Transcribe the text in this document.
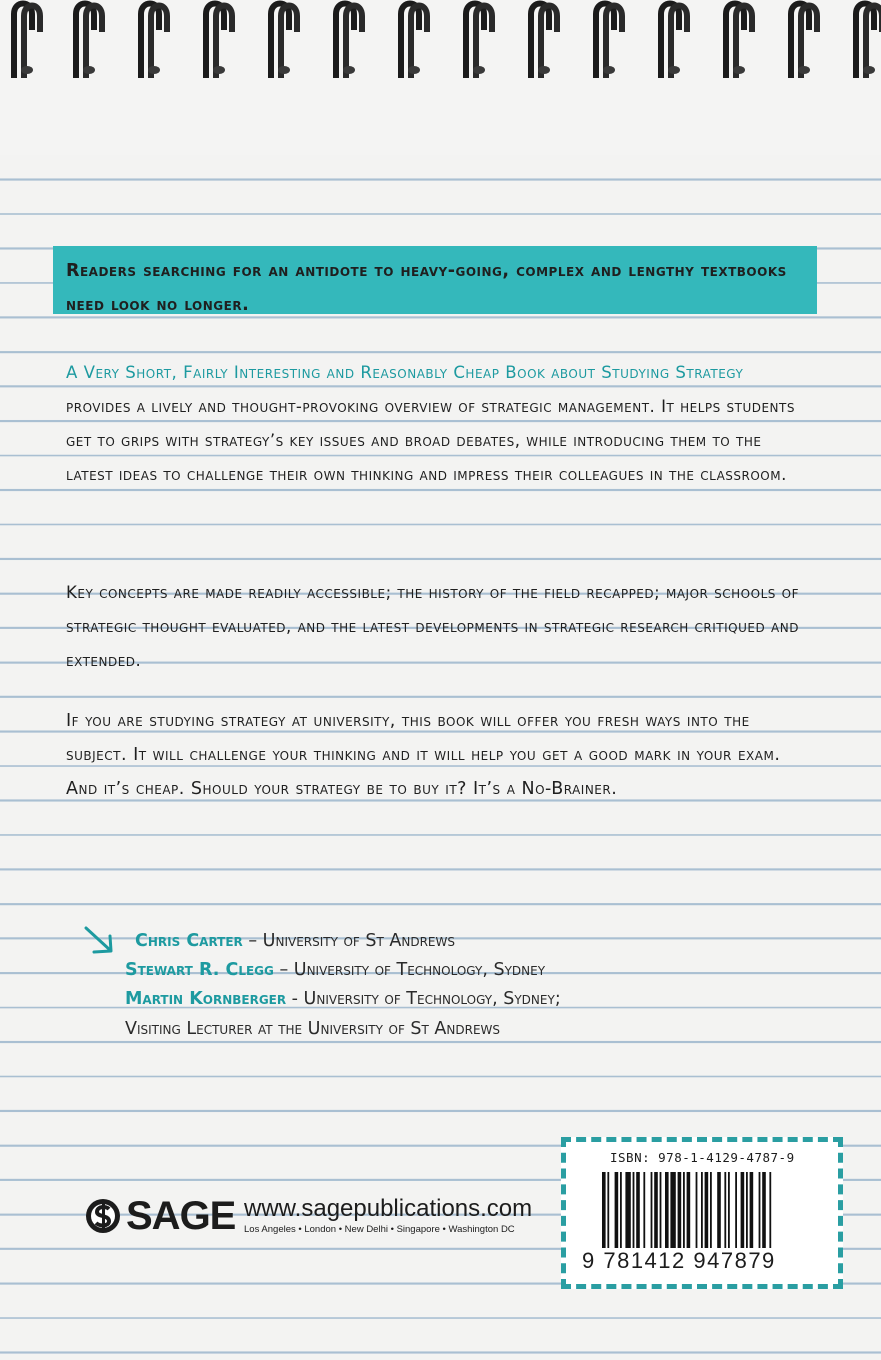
Readers searching for an antidote to heavy-going, complex and lengthy textbooks need look no longer.

A Very Short, Fairly Interesting and Reasonably Cheap Book about Studying Strategy provides a lively and thought-provoking overview of strategic management. It helps students get to grips with strategy’s key issues and broad debates, while introducing them to the latest ideas to challenge their own thinking and impress their colleagues in the classroom.

Key concepts are made readily accessible; the history of the field recapped; major schools of strategic thought evaluated, and the latest developments in strategic research critiqued and extended.

If you are studying strategy at university, this book will offer you fresh ways into the subject. It will challenge your thinking and it will help you get a good mark in your exam. And it’s cheap. Should your strategy be to buy it? It’s a No-Brainer.

Chris Carter – University of St Andrews

Stewart R. Clegg – University of Technology, Sydney

Martin Kornberger - University of Technology, Sydney;

Visiting Lecturer at the University of St Andrews

SAGE www.sagepublications.com
Los Angeles • London • New Delhi • Singapore • Washington DC
ISBN: 978-1-4129-4787-9
9 781412 947879
